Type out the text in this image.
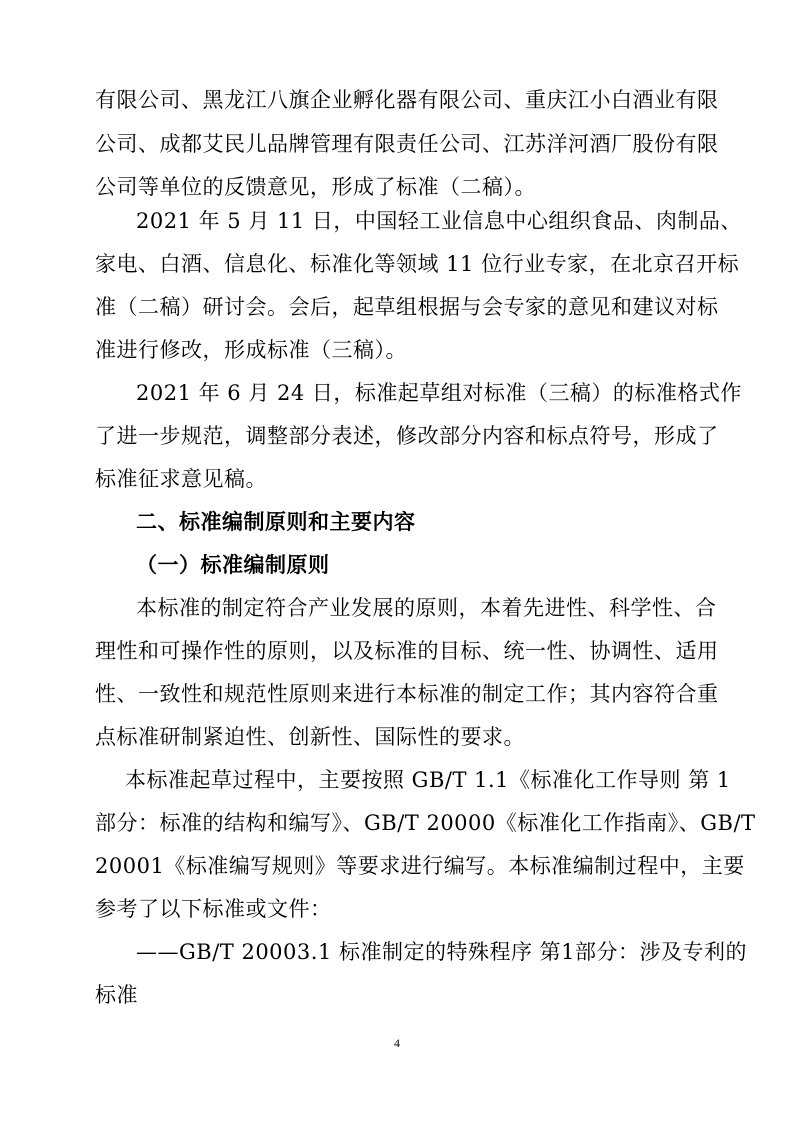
有限公司、黑龙江八旗企业孵化器有限公司、重庆江小白酒业有限
公司、成都艾民儿品牌管理有限责任公司、江苏洋河酒厂股份有限
公司等单位的反馈意见，形成了标准（二稿）。
2021 年 5 月 11 日，中国轻工业信息中心组织食品、肉制品、
家电、白酒、信息化、标准化等领域 11 位行业专家，在北京召开标
准（二稿）研讨会。会后，起草组根据与会专家的意见和建议对标
准进行修改，形成标准（三稿）。
2021 年 6 月 24 日，标准起草组对标准（三稿）的标准格式作
了进一步规范，调整部分表述，修改部分内容和标点符号，形成了
标准征求意见稿。
二、标准编制原则和主要内容
（一）标准编制原则
本标准的制定符合产业发展的原则，本着先进性、科学性、合
理性和可操作性的原则，以及标准的目标、统一性、协调性、适用
性、一致性和规范性原则来进行本标准的制定工作；其内容符合重
点标准研制紧迫性、创新性、国际性的要求。
本标准起草过程中，主要按照 GB/T 1.1《标准化工作导则 第 1
部分：标准的结构和编写》、GB/T 20000《标准化工作指南》、GB/T
20001《标准编写规则》等要求进行编写。本标准编制过程中，主要
参考了以下标准或文件：
——GB/T 20003.1 标准制定的特殊程序 第1部分：涉及专利的
标准
4
